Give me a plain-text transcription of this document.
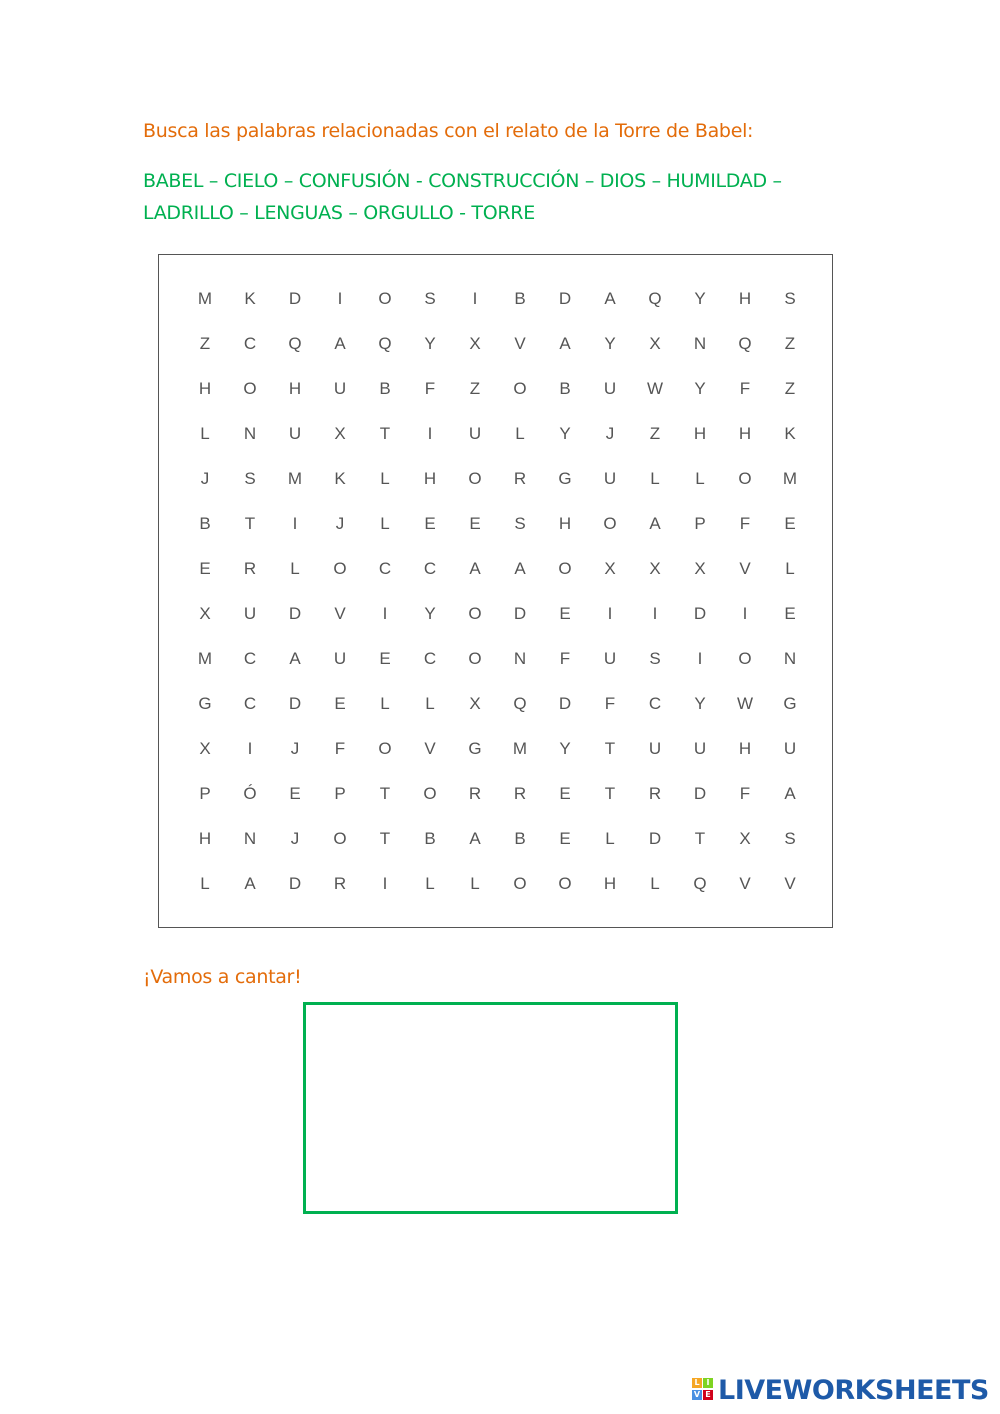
Busca las palabras relacionadas con el relato de la Torre de Babel:
BABEL – CIELO – CONFUSIÓN - CONSTRUCCIÓN – DIOS – HUMILDAD –
LADRILLO – LENGUAS – ORGULLO - TORRE
M	K	D	I	O	S	I	B	D	A	Q	Y	H	S
Z	C	Q	A	Q	Y	X	V	A	Y	X	N	Q	Z
H	O	H	U	B	F	Z	O	B	U	W	Y	F	Z
L	N	U	X	T	I	U	L	Y	J	Z	H	H	K
J	S	M	K	L	H	O	R	G	U	L	L	O	M
B	T	I	J	L	E	E	S	H	O	A	P	F	E
E	R	L	O	C	C	A	A	O	X	X	X	V	L
X	U	D	V	I	Y	O	D	E	I	I	D	I	E
M	C	A	U	E	C	O	N	F	U	S	I	O	N
G	C	D	E	L	L	X	Q	D	F	C	Y	W	G
X	I	J	F	O	V	G	M	Y	T	U	U	H	U
P	Ó	E	P	T	O	R	R	E	T	R	D	F	A
H	N	J	O	T	B	A	B	E	L	D	T	X	S
L	A	D	R	I	L	L	O	O	H	L	Q	V	V
¡Vamos a cantar!
L I
V E LIVEWORKSHEETS
